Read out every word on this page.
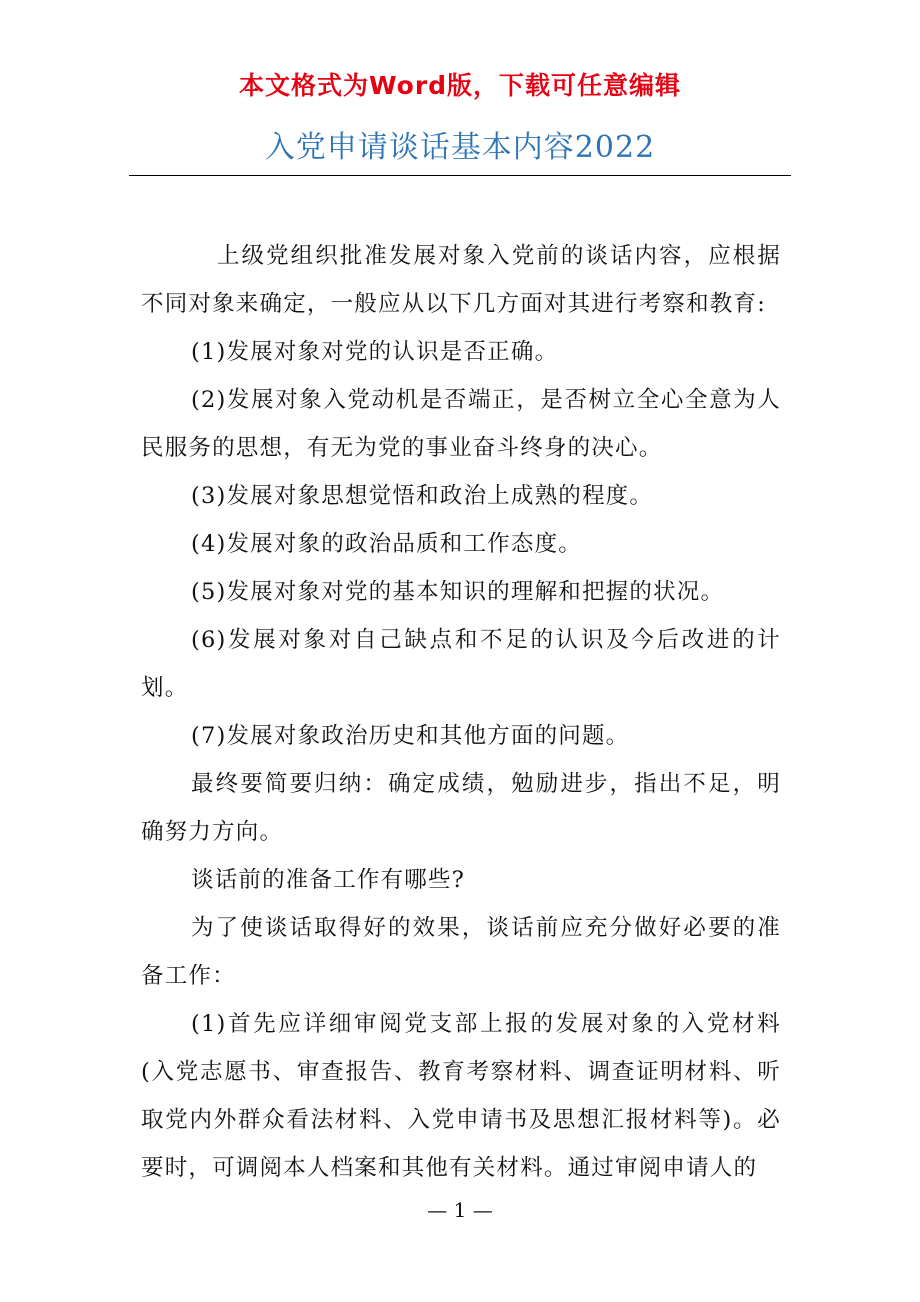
本文格式为Word版，下载可任意编辑
入党申请谈话基本内容2022

上级党组织批准发展对象入党前的谈话内容，应根据不同对象来确定，一般应从以下几方面对其进行考察和教育:

(1)发展对象对党的认识是否正确。

(2)发展对象入党动机是否端正，是否树立全心全意为人民服务的思想，有无为党的事业奋斗终身的决心。

(3)发展对象思想觉悟和政治上成熟的程度。

(4)发展对象的政治品质和工作态度。

(5)发展对象对党的基本知识的理解和把握的状况。

(6)发展对象对自己缺点和不足的认识及今后改进的计划。

(7)发展对象政治历史和其他方面的问题。

最终要简要归纳：确定成绩，勉励进步，指出不足，明确努力方向。

谈话前的准备工作有哪些?

为了使谈话取得好的效果，谈话前应充分做好必要的准备工作：

(1)首先应详细审阅党支部上报的发展对象的入党材料(入党志愿书、审查报告、教育考察材料、调查证明材料、听取党内外群众看法材料、入党申请书及思想汇报材料等)。必要时，可调阅本人档案和其他有关材料。通过审阅申请人的

— 1 —
